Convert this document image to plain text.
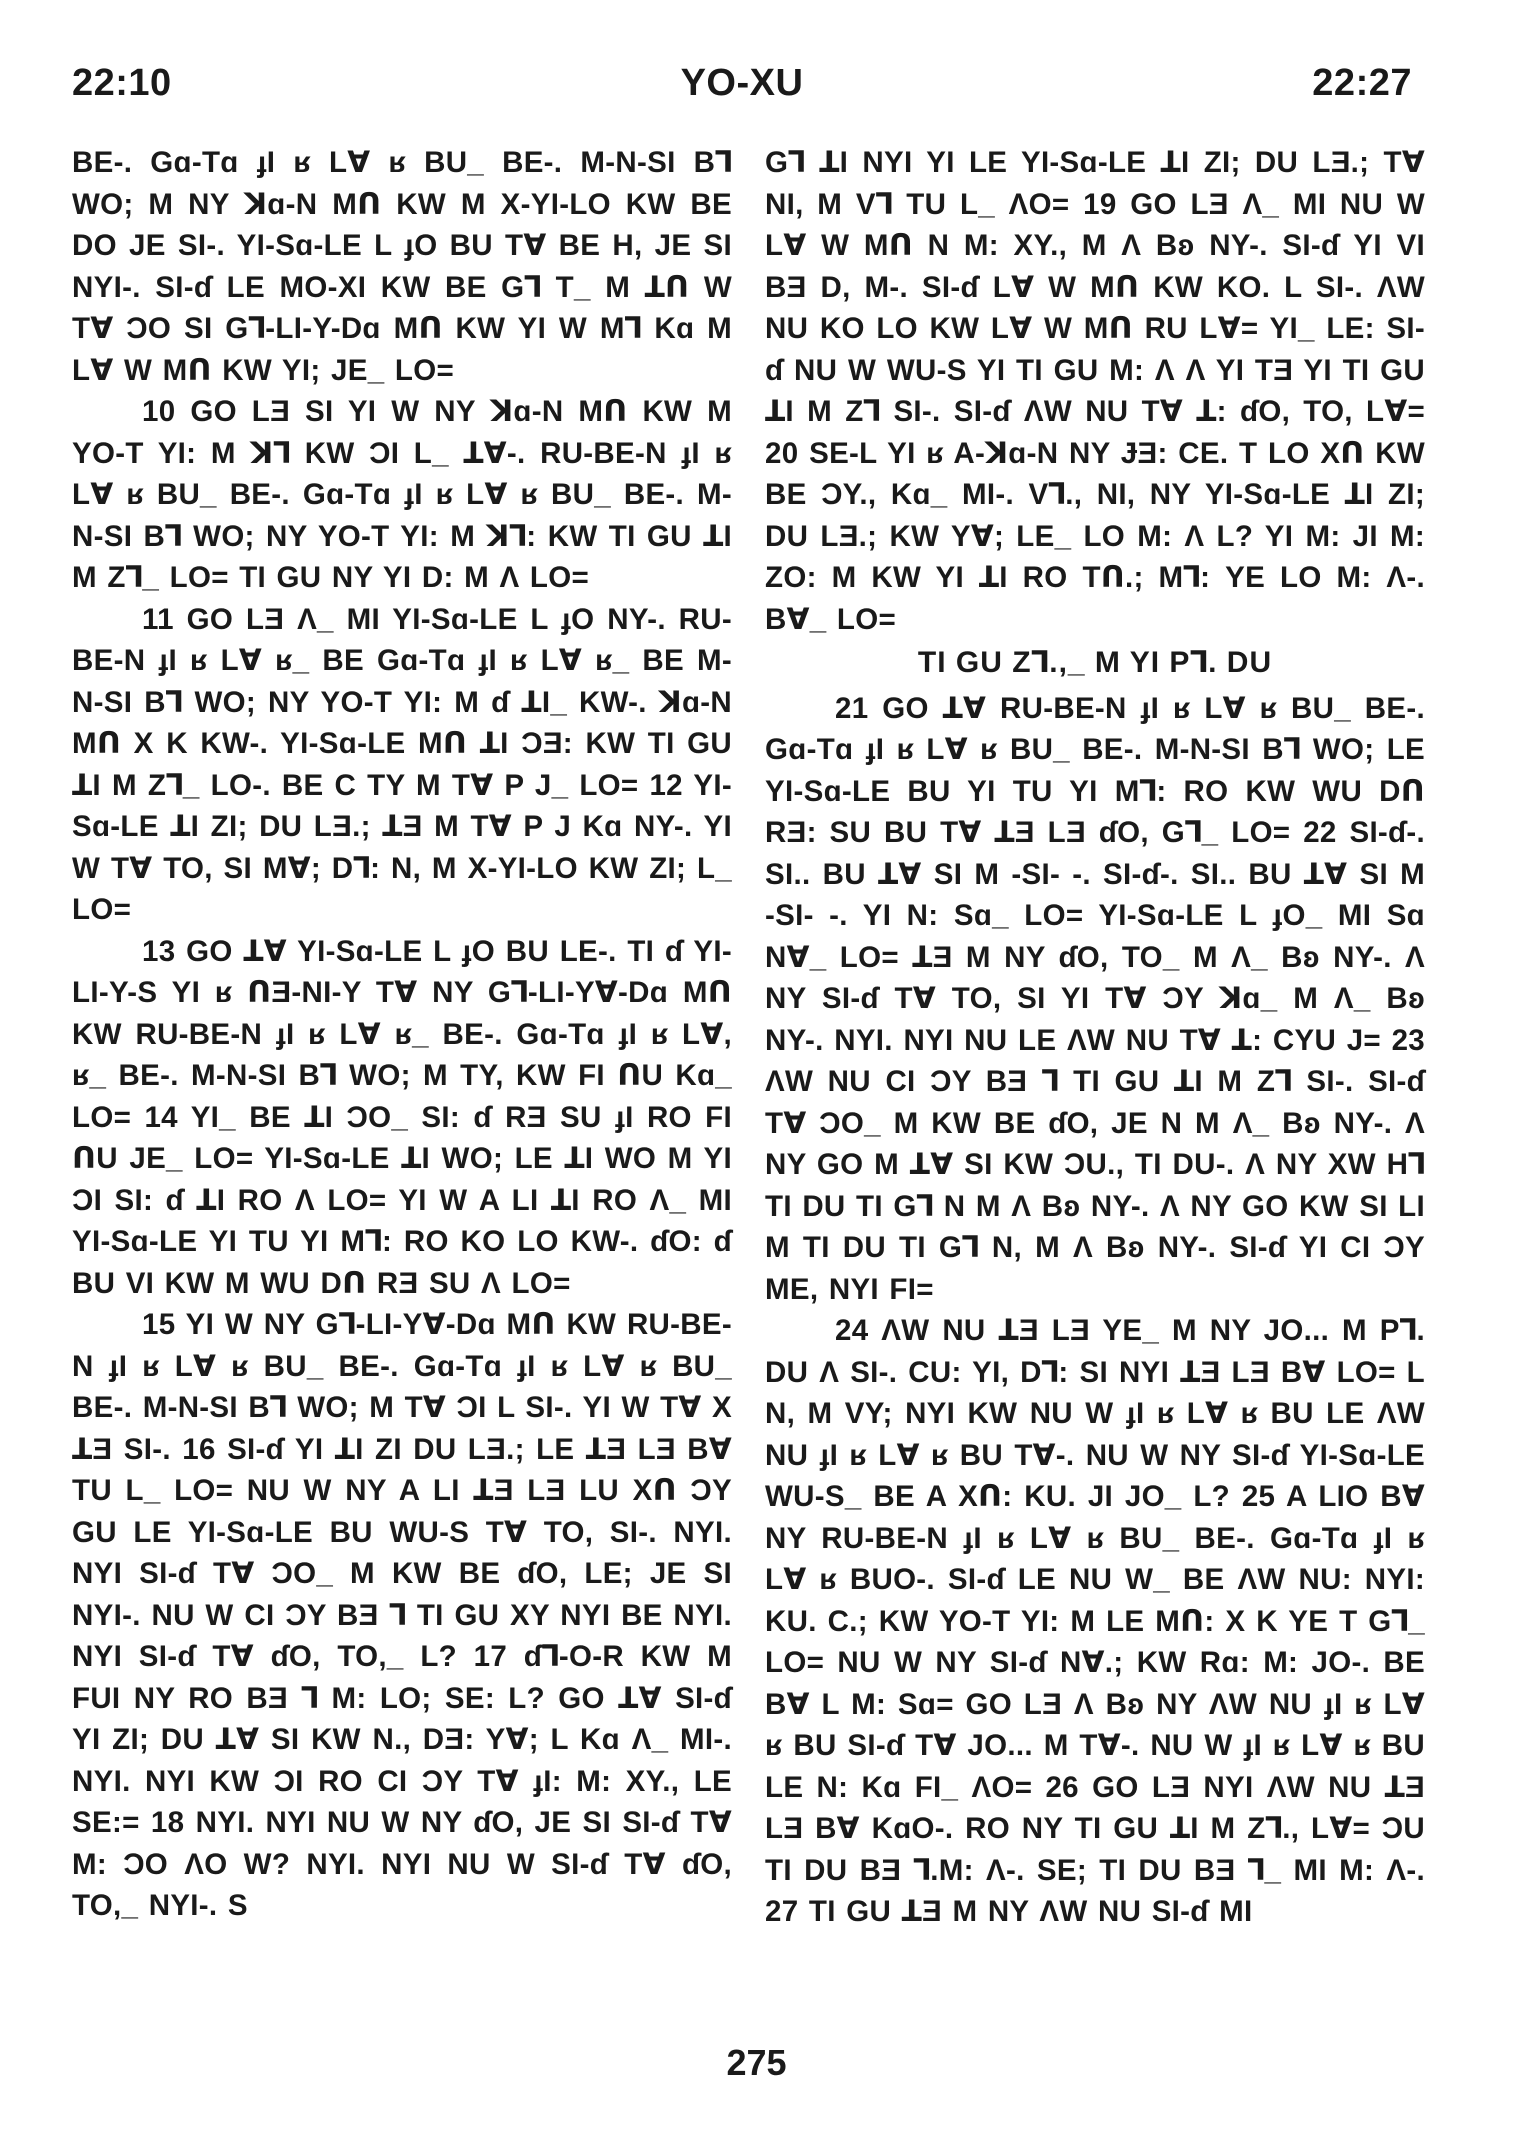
22:10	YO-XU	22:27

BE-. Gɑ-Tɑ ɟI ʁ LⱯ ʁ BU_ BE-. M-N-SI Bꓶ WO; M NY ꓘɑ-N Mꓵ KW M X-YI-LO KW BE DO JE SI-. YI-Sɑ-LE L ɟO BU TⱯ BE H, JE SI NYI-. SI-ɗ LE MO-XI KW BE Gꓶ T_ M ꓕꓵ W TⱯ ƆO SI Gꓶ-LI-Y-Dɑ Mꓵ KW YI W Mꓶ Kɑ M LⱯ W Mꓵ KW YI; JE_ LO=

10 GO LƎ SI YI W NY ꓘɑ-N Mꓵ KW M YO-T YI: M ꓘꓶ KW ƆI L_ ꓕⱯ-. RU-BE-N ɟI ʁ LⱯ ʁ BU_ BE-. Gɑ-Tɑ ɟI ʁ LⱯ ʁ BU_ BE-. M-N-SI Bꓶ WO; NY YO-T YI: M ꓘꓶ: KW TI GU ꓕI M Zꓶ_ LO= TI GU NY YI D: M Ʌ LO=

11 GO LƎ Ʌ_ MI YI-Sɑ-LE L ɟO NY-. RU-BE-N ɟI ʁ LⱯ ʁ_ BE Gɑ-Tɑ ɟI ʁ LⱯ ʁ_ BE M-N-SI Bꓶ WO; NY YO-T YI: M ɗ ꓕI_ KW-. ꓘɑ-N Mꓵ X K KW-. YI-Sɑ-LE Mꓵ ꓕI ƆƎ: KW TI GU ꓕI M Zꓶ_ LO-. BE C TY M TⱯ P J_ LO= 12 YI-Sɑ-LE ꓕI ZI; DU LƎ.; ꓕƎ M TⱯ P J Kɑ NY-. YI W TⱯ TO, SI MⱯ; Dꓶ: N, M X-YI-LO KW ZI; L_ LO=

13 GO ꓕⱯ YI-Sɑ-LE L ɟO BU LE-. TI ɗ YI-LI-Y-S YI ʁ ꓵƎ-NI-Y TⱯ NY Gꓶ-LI-YⱯ-Dɑ Mꓵ KW RU-BE-N ɟI ʁ LⱯ ʁ_ BE-. Gɑ-Tɑ ɟI ʁ LⱯ, ʁ_ BE-. M-N-SI Bꓶ WO; M TY, KW FI ꓵU Kɑ_ LO= 14 YI_ BE ꓕI ƆO_ SI: ɗ RƎ SU ɟI RO FI ꓵU JE_ LO= YI-Sɑ-LE ꓕI WO; LE ꓕI WO M YI ƆI SI: ɗ ꓕI RO Ʌ LO= YI W A LI ꓕI RO Ʌ_ MI YI-Sɑ-LE YI TU YI Mꓶ: RO KO LO KW-. ɗO: ɗ BU VI KW M WU Dꓵ RƎ SU Ʌ LO=

15 YI W NY Gꓶ-LI-YⱯ-Dɑ Mꓵ KW RU-BE-N ɟI ʁ LⱯ ʁ BU_ BE-. Gɑ-Tɑ ɟI ʁ LⱯ ʁ BU_ BE-. M-N-SI Bꓶ WO; M TⱯ ƆI L SI-. YI W TⱯ X ꓕƎ SI-. 16 SI-ɗ YI ꓕI ZI DU LƎ.; LE ꓕƎ LƎ BⱯ TU L_ LO= NU W NY A LI ꓕƎ LƎ LU Xꓵ ƆY GU LE YI-Sɑ-LE BU WU-S TⱯ TO, SI-. NYI. NYI SI-ɗ TⱯ ƆO_ M KW BE ɗO, LE; JE SI NYI-. NU W CI ƆY BƎ ꓶ TI GU XY NYI BE NYI. NYI SI-ɗ TⱯ ɗO, TO,_ L? 17 ɗꓶ-O-R KW M FUI NY RO BƎ ꓶ M: LO; SE: L? GO ꓕⱯ SI-ɗ YI ZI; DU ꓕⱯ SI KW N., DƎ: YⱯ; L Kɑ Ʌ_ MI-. NYI. NYI KW ƆI RO CI ƆY TⱯ ɟI: M: XY., LE SE:= 18 NYI. NYI NU W NY ɗO, JE SI SI-ɗ TⱯ M: ƆO ɅO W? NYI. NYI NU W SI-ɗ TⱯ ɗO, TO,_ NYI-. S

Gꓶ ꓕI NYI YI LE YI-Sɑ-LE ꓕI ZI; DU LƎ.; TⱯ NI, M Vꓶ TU L_ ɅO= 19 GO LƎ Ʌ_ MI NU W LⱯ W Mꓵ N M: XY., M Ʌ Bʚ NY-. SI-ɗ YI VI BƎ D, M-. SI-ɗ LⱯ W Mꓵ KW KO. L SI-. ɅW NU KO LO KW LⱯ W Mꓵ RU LⱯ= YI_ LE: SI-ɗ NU W WU-S YI TI GU M: Ʌ Ʌ YI TƎ YI TI GU ꓕI M Zꓶ SI-. SI-ɗ ɅW NU TⱯ ꓕ: ɗO, TO, LⱯ= 20 SE-L YI ʁ A-ꓘɑ-N NY ɈƎ: CE. T LO Xꓵ KW BE ƆY., Kɑ_ MI-. Vꓶ., NI, NY YI-Sɑ-LE ꓕI ZI; DU LƎ.; KW YⱯ; LE_ LO M: Ʌ L? YI M: JI M: ZO: M KW YI ꓕI RO Tꓵ.; Mꓶ: YE LO M: Ʌ-. BⱯ_ LO=

TI GU Zꓶ.,_ M YI Pꓶ. DU

21 GO ꓕⱯ RU-BE-N ɟI ʁ LⱯ ʁ BU_ BE-. Gɑ-Tɑ ɟI ʁ LⱯ ʁ BU_ BE-. M-N-SI Bꓶ WO; LE YI-Sɑ-LE BU YI TU YI Mꓶ: RO KW WU Dꓵ RƎ: SU BU TⱯ ꓕƎ LƎ ɗO, Gꓶ_ LO= 22 SI-ɗ-. SI.. BU ꓕⱯ SI M -SI- -. SI-ɗ-. SI.. BU ꓕⱯ SI M -SI- -. YI N: Sɑ_ LO= YI-Sɑ-LE L ɟO_ MI Sɑ NⱯ_ LO= ꓕƎ M NY ɗO, TO_ M Ʌ_ Bʚ NY-. Ʌ NY SI-ɗ TⱯ TO, SI YI TⱯ ƆY ꓘɑ_ M Ʌ_ Bʚ NY-. NYI. NYI NU LE ɅW NU TⱯ ꓕ: CYU J= 23 ɅW NU CI ƆY BƎ ꓶ TI GU ꓕI M Zꓶ SI-. SI-ɗ TⱯ ƆO_ M KW BE ɗO, JE N M Ʌ_ Bʚ NY-. Ʌ NY GO M ꓕⱯ SI KW ƆU., TI DU-. Ʌ NY XW Hꓶ TI DU TI Gꓶ N M Ʌ Bʚ NY-. Ʌ NY GO KW SI LI M TI DU TI Gꓶ N, M Ʌ Bʚ NY-. SI-ɗ YI CI ƆY ME, NYI FI=

24 ɅW NU ꓕƎ LƎ YE_ M NY JO... M Pꓶ. DU Ʌ SI-. CU: YI, Dꓶ: SI NYI ꓕƎ LƎ BⱯ LO= L N, M VY; NYI KW NU W ɟI ʁ LⱯ ʁ BU LE ɅW NU ɟI ʁ LⱯ ʁ BU TⱯ-. NU W NY SI-ɗ YI-Sɑ-LE WU-S_ BE A Xꓵ: KU. JI JO_ L? 25 A LIO BⱯ NY RU-BE-N ɟI ʁ LⱯ ʁ BU_ BE-. Gɑ-Tɑ ɟI ʁ LⱯ ʁ BUO-. SI-ɗ LE NU W_ BE ɅW NU: NYI: KU. C.; KW YO-T YI: M LE Mꓵ: X K YE T Gꓶ_ LO= NU W NY SI-ɗ NⱯ.; KW Rɑ: M: JO-. BE BⱯ L M: Sɑ= GO LƎ Ʌ Bʚ NY ɅW NU ɟI ʁ LⱯ ʁ BU SI-ɗ TⱯ JO... M TⱯ-. NU W ɟI ʁ LⱯ ʁ BU LE N: Kɑ FI_ ɅO= 26 GO LƎ NYI ɅW NU ꓕƎ LƎ BⱯ KɑO-. RO NY TI GU ꓕI M Zꓶ., LⱯ= ƆU TI DU BƎ ꓶ.M: Ʌ-. SE; TI DU BƎ ꓶ_ MI M: Ʌ-. 27 TI GU ꓕƎ M NY ɅW NU SI-ɗ MI

275
